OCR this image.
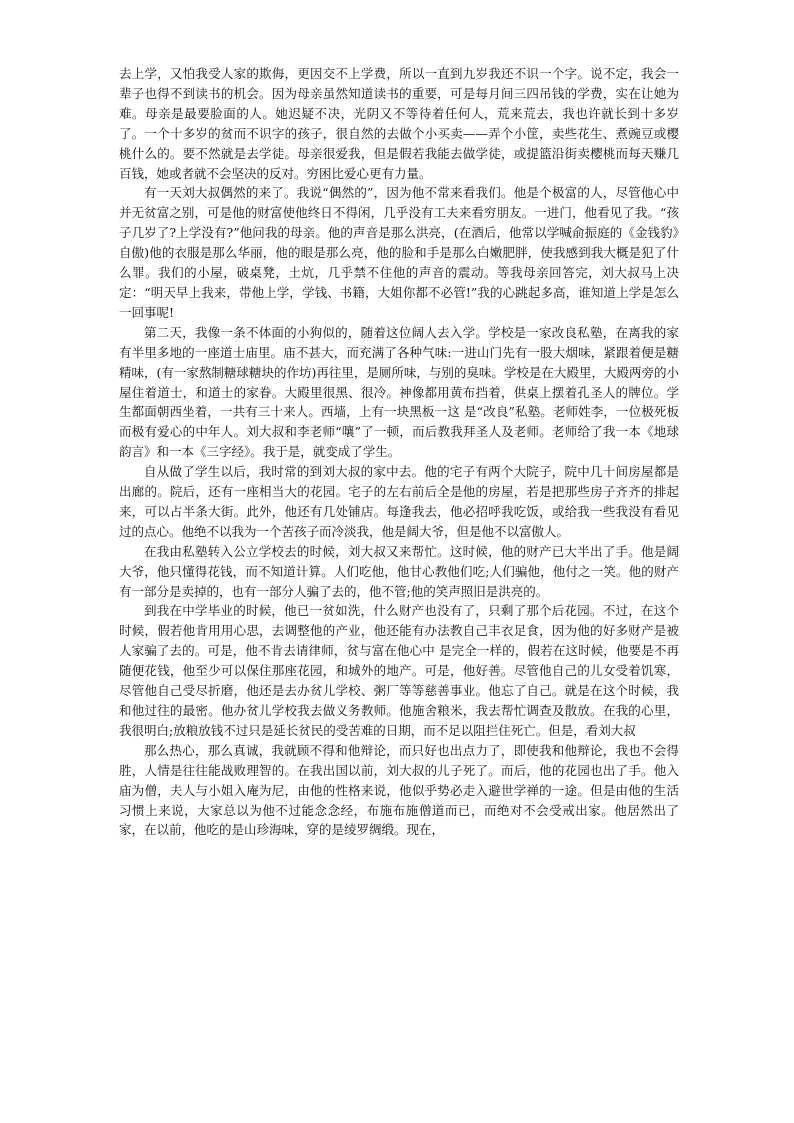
去上学，又怕我受人家的欺侮，更因交不上学费，所以一直到九岁我还不识一个字。说不定，我会一辈子也得不到读书的机会。因为母亲虽然知道读书的重要，可是每月间三四吊钱的学费，实在让她为难。母亲是最要脸面的人。她迟疑不决，光阴又不等待着任何人，荒来荒去，我也许就长到十多岁了。一个十多岁的贫而不识字的孩子，很自然的去做个小买卖——弄个小筐，卖些花生、煮豌豆或樱桃什么的。要不然就是去学徒。母亲很爱我，但是假若我能去做学徒，或提篮沿街卖樱桃而每天赚几百钱，她或者就不会坚决的反对。穷困比爱心更有力量。

有一天刘大叔偶然的来了。我说“偶然的”，因为他不常来看我们。他是个极富的人，尽管他心中并无贫富之别，可是他的财富使他终日不得闲，几乎没有工夫来看穷朋友。一进门，他看见了我。“孩子几岁了?上学没有?”他问我的母亲。他的声音是那么洪亮，(在酒后，他常以学喊俞振庭的《金钱豹》自傲)他的衣服是那么华丽，他的眼是那么亮，他的脸和手是那么白嫩肥胖，使我感到我大概是犯了什么罪。我们的小屋，破桌凳，土炕，几乎禁不住他的声音的震动。等我母亲回答完，刘大叔马上决定：“明天早上我来，带他上学，学钱、书籍，大姐你都不必管!”我的心跳起多高，谁知道上学是怎么一回事呢!

第二天，我像一条不体面的小狗似的，随着这位阔人去入学。学校是一家改良私塾，在离我的家有半里多地的一座道士庙里。庙不甚大，而充满了各种气味:一进山门先有一股大烟味，紧跟着便是糖精味，(有一家熬制糖球糖块的作坊)再往里，是厕所味，与别的臭味。学校是在大殿里，大殿两旁的小屋住着道士，和道士的家眷。大殿里很黑、很冷。神像都用黄布挡着，供桌上摆着孔圣人的牌位。学生都面朝西坐着，一共有三十来人。西墙，上有一块黑板一这 是“改良”私塾。老师姓李，一位极死板而极有爱心的中年人。刘大叔和李老师“嚷”了一顿，而后教我拜圣人及老师。老师给了我一本《地球韵言》和一本《三字经》。我于是，就变成了学生。

自从做了学生以后，我时常的到刘大叔的家中去。他的宅子有两个大院子，院中几十间房屋都是出廊的。院后，还有一座相当大的花园。宅子的左右前后全是他的房屋，若是把那些房子齐齐的排起来，可以占半条大街。此外，他还有几处铺店。每逢我去，他必招呼我吃饭，或给我一些我没有看见过的点心。他绝不以我为一个苦孩子而冷淡我，他是阔大爷，但是他不以富傲人。

在我由私塾转入公立学校去的时候，刘大叔又来帮忙。这时候，他的财产已大半出了手。他是阔大爷，他只懂得花钱，而不知道计算。人们吃他，他甘心教他们吃;人们骗他，他付之一笑。他的财产有一部分是卖掉的，也有一部分人骗了去的，他不管;他的笑声照旧是洪亮的。

到我在中学毕业的时候，他已一贫如洗，什么财产也没有了，只剩了那个后花园。不过，在这个时候，假若他肯用用心思，去调整他的产业，他还能有办法教自己丰衣足食，因为他的好多财产是被人家骗了去的。可是，他不肯去请律师，贫与富在他心中 是完全一样的，假若在这时候，他要是不再随便花钱，他至少可以保住那座花园，和城外的地产。可是，他好善。尽管他自己的儿女受着饥寒，尽管他自己受尽折磨，他还是去办贫儿学校、粥厂等等慈善事业。他忘了自己。就是在这个时候，我和他过往的最密。他办贫儿学校我去做义务教师。他施舍粮米，我去帮忙调查及散放。在我的心里，我很明白;放粮放钱不过只是延长贫民的受苦难的日期，而不足以阻拦住死亡。但是，看刘大叔

那么热心，那么真诚，我就顾不得和他辩论，而只好也出点力了，即使我和他辩论，我也不会得胜，人情是往往能战败理智的。在我出国以前，刘大叔的儿子死了。而后，他的花园也出了手。他入庙为僧，夫人与小姐入庵为尼，由他的性格来说，他似乎势必走入避世学禅的一途。但是由他的生活习惯上来说，大家总以为他不过能念念经，布施布施僧道而已，而绝对不会受戒出家。他居然出了家，在以前，他吃的是山珍海味，穿的是绫罗绸缎。现在，
